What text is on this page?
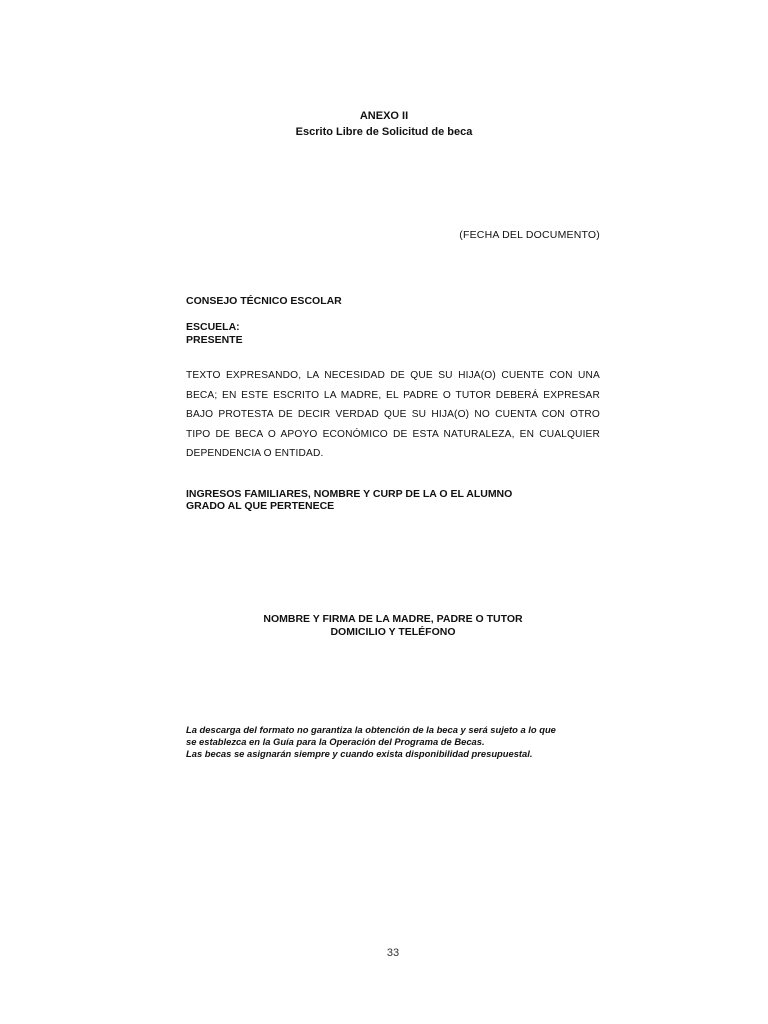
ANEXO II
Escrito Libre de Solicitud de beca
(FECHA DEL DOCUMENTO)
CONSEJO TÉCNICO ESCOLAR
ESCUELA:
PRESENTE
TEXTO EXPRESANDO, LA NECESIDAD DE QUE SU HIJA(O) CUENTE CON UNA
BECA; EN ESTE ESCRITO LA MADRE, EL PADRE O TUTOR DEBERÁ EXPRESAR
BAJO PROTESTA DE DECIR VERDAD QUE SU HIJA(O) NO CUENTA CON OTRO
TIPO DE BECA O APOYO ECONÓMICO DE ESTA NATURALEZA, EN CUALQUIER
DEPENDENCIA O ENTIDAD.
INGRESOS FAMILIARES, NOMBRE Y CURP DE LA O EL ALUMNO
GRADO AL QUE PERTENECE
NOMBRE Y FIRMA DE LA MADRE, PADRE O TUTOR
DOMICILIO Y TELÉFONO
La descarga del formato no garantiza la obtención de la beca y será sujeto a lo que
se establezca en la Guía para la Operación del Programa de Becas.
Las becas se asignarán siempre y cuando exista disponibilidad presupuestal.
33
